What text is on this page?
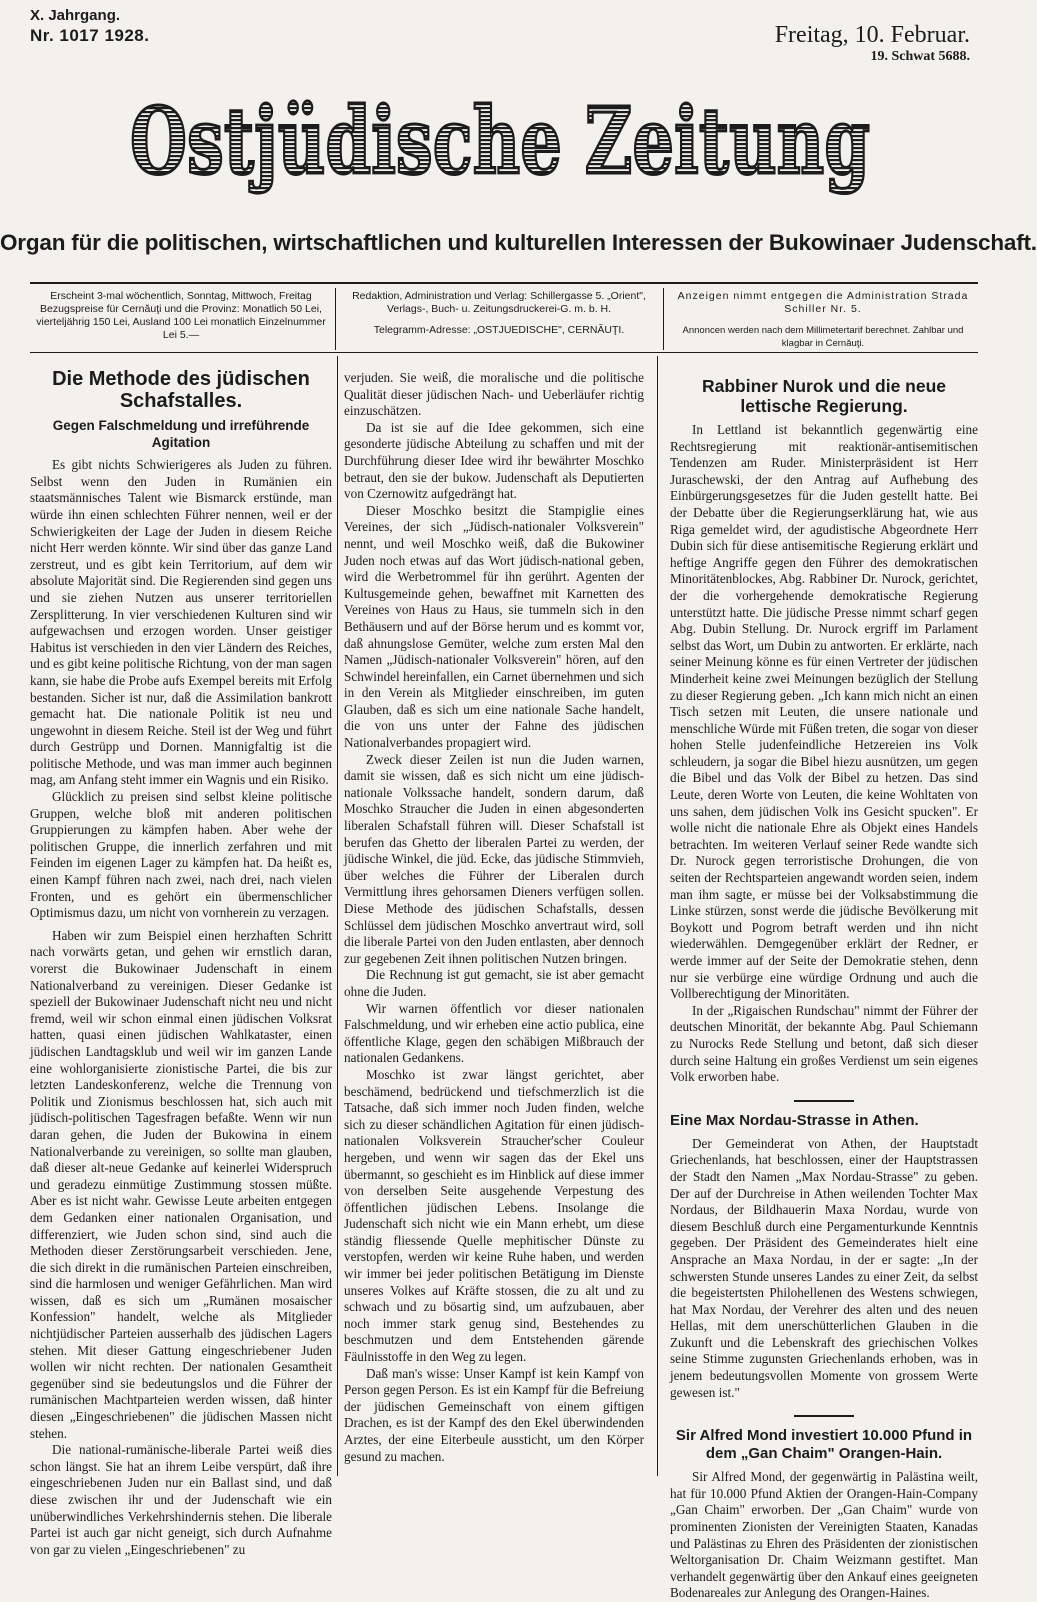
X. Jahrgang.
Nr. 1017 1928.	Freitag, 10. Februar.
19. Schwat 5688.
Ostjüdische Zeitung
Organ für die politischen, wirtschaftlichen und kulturellen Interessen der Bukowinaer Judenschaft.
Erscheint 3-mal wöchentlich, Sonntag, Mittwoch, Freitag Bezugspreise für Cernăuţi und die Provinz: Monatlich 50 Lei, vierteljährig 150 Lei, Ausland 100 Lei monatlich Einzelnummer Lei 5.—
Redaktion, Administration und Verlag: Schillergasse 5. „Orient", Verlags-, Buch- u. Zeitungsdruckerei-G. m. b. H.
Telegramm-Adresse: „OSTJUEDISCHE", CERNĂUŢI.
Anzeigen nimmt entgegen die Administration Strada Schiller Nr. 5.
Annoncen werden nach dem Millimetertarif berechnet. Zahlbar und klagbar in Cernăuţi.
Die Methode des jüdischen Schafstalles.
Gegen Falschmeldung und irreführende Agitation

Es gibt nichts Schwierigeres als Juden zu führen. Selbst wenn den Juden in Rumänien ein staatsmännisches Talent wie Bismarck erstünde, man würde ihn einen schlechten Führer nennen, weil er der Schwierigkeiten der Lage der Juden in diesem Reiche nicht Herr werden könnte. Wir sind über das ganze Land zerstreut, und es gibt kein Territorium, auf dem wir absolute Majorität sind. Die Regierenden sind gegen uns und sie ziehen Nutzen aus unserer territoriellen Zersplitterung. In vier verschiedenen Kulturen sind wir aufgewachsen und erzogen worden. Unser geistiger Habitus ist verschieden in den vier Ländern des Reiches, und es gibt keine politische Richtung, von der man sagen kann, sie habe die Probe aufs Exempel bereits mit Erfolg bestanden. Sicher ist nur, daß die Assimilation bankrott gemacht hat. Die nationale Politik ist neu und ungewohnt in diesem Reiche. Steil ist der Weg und führt durch Gestrüpp und Dornen. Mannigfaltig ist die politische Methode, und was man immer auch beginnen mag, am Anfang steht immer ein Wagnis und ein Risiko.

Glücklich zu preisen sind selbst kleine politische Gruppen, welche bloß mit anderen politischen Gruppierungen zu kämpfen haben. Aber wehe der politischen Gruppe, die innerlich zerfahren und mit Feinden im eigenen Lager zu kämpfen hat. Da heißt es, einen Kampf führen nach zwei, nach drei, nach vielen Fronten, und es gehört ein übermenschlicher Optimismus dazu, um nicht von vornherein zu verzagen.

Haben wir zum Beispiel einen herzhaften Schritt nach vorwärts getan, und gehen wir ernstlich daran, vorerst die Bukowinaer Judenschaft in einem Nationalverband zu vereinigen. Dieser Gedanke ist speziell der Bukowinaer Judenschaft nicht neu und nicht fremd, weil wir schon einmal einen jüdischen Volksrat hatten, quasi einen jüdischen Wahlkataster, einen jüdischen Landtagsklub und weil wir im ganzen Lande eine wohlorganisierte zionistische Partei, die bis zur letzten Landeskonferenz, welche die Trennung von Politik und Zionismus beschlossen hat, sich auch mit jüdisch-politischen Tagesfragen befaßte. Wenn wir nun daran gehen, die Juden der Bukowina in einem Nationalverbande zu vereinigen, so sollte man glauben, daß dieser alt-neue Gedanke auf keinerlei Widerspruch und geradezu einmütige Zustimmung stossen müßte. Aber es ist nicht wahr. Gewisse Leute arbeiten entgegen dem Gedanken einer nationalen Organisation, und differenziert, wie Juden schon sind, sind auch die Methoden dieser Zerstörungsarbeit verschieden. Jene, die sich direkt in die rumänischen Parteien einschreiben, sind die harmlosen und weniger Gefährlichen. Man wird wissen, daß es sich um „Rumänen mosaischer Konfession" handelt, welche als Mitglieder nichtjüdischer Parteien ausserhalb des jüdischen Lagers stehen. Mit dieser Gattung eingeschriebener Juden wollen wir nicht rechten. Der nationalen Gesamtheit gegenüber sind sie bedeutungslos und die Führer der rumänischen Machtparteien werden wissen, daß hinter diesen „Eingeschriebenen" die jüdischen Massen nicht stehen.

Die national-rumänische-liberale Partei weiß dies schon längst. Sie hat an ihrem Leibe verspürt, daß ihre eingeschriebenen Juden nur ein Ballast sind, und daß diese zwischen ihr und der Judenschaft wie ein unüberwindliches Verkehrshindernis stehen. Die liberale Partei ist auch gar nicht geneigt, sich durch Aufnahme von gar zu vielen „Eingeschriebenen" zu

verjuden. Sie weiß, die moralische und die politische Qualität dieser jüdischen Nach- und Ueberläufer richtig einzuschätzen.

Da ist sie auf die Idee gekommen, sich eine gesonderte jüdische Abteilung zu schaffen und mit der Durchführung dieser Idee wird ihr bewährter Moschko betraut, den sie der bukow. Judenschaft als Deputierten von Czernowitz aufgedrängt hat.

Dieser Moschko besitzt die Stampiglie eines Vereines, der sich „Jüdisch-nationaler Volksverein" nennt, und weil Moschko weiß, daß die Bukowiner Juden noch etwas auf das Wort jüdisch-national geben, wird die Werbetrommel für ihn gerührt. Agenten der Kultusgemeinde gehen, bewaffnet mit Karnetten des Vereines von Haus zu Haus, sie tummeln sich in den Bethäusern und auf der Börse herum und es kommt vor, daß ahnungslose Gemüter, welche zum ersten Mal den Namen „Jüdisch-nationaler Volksverein" hören, auf den Schwindel hereinfallen, ein Carnet übernehmen und sich in den Verein als Mitglieder einschreiben, im guten Glauben, daß es sich um eine nationale Sache handelt, die von uns unter der Fahne des jüdischen Nationalverbandes propagiert wird.

Zweck dieser Zeilen ist nun die Juden warnen, damit sie wissen, daß es sich nicht um eine jüdisch-nationale Volkssache handelt, sondern darum, daß Moschko Straucher die Juden in einen abgesonderten liberalen Schafstall führen will. Dieser Schafstall ist berufen das Ghetto der liberalen Partei zu werden, der jüdische Winkel, die jüd. Ecke, das jüdische Stimmvieh, über welches die Führer der Liberalen durch Vermittlung ihres gehorsamen Dieners verfügen sollen. Diese Methode des jüdischen Schafstalls, dessen Schlüssel dem jüdischen Moschko anvertraut wird, soll die liberale Partei von den Juden entlasten, aber dennoch zur gegebenen Zeit ihnen politischen Nutzen bringen.

Die Rechnung ist gut gemacht, sie ist aber gemacht ohne die Juden.

Wir warnen öffentlich vor dieser nationalen Falschmeldung, und wir erheben eine actio publica, eine öffentliche Klage, gegen den schäbigen Mißbrauch der nationalen Gedankens.

Moschko ist zwar längst gerichtet, aber beschämend, bedrückend und tiefschmerzlich ist die Tatsache, daß sich immer noch Juden finden, welche sich zu dieser schändlichen Agitation für einen jüdisch-nationalen Volksverein Straucher'scher Couleur hergeben, und wenn wir sagen das der Ekel uns übermannt, so geschieht es im Hinblick auf diese immer von derselben Seite ausgehende Verpestung des öffentlichen jüdischen Lebens. Insolange die Judenschaft sich nicht wie ein Mann erhebt, um diese ständig fliessende Quelle mephitischer Dünste zu verstopfen, werden wir keine Ruhe haben, und werden wir immer bei jeder politischen Betätigung im Dienste unseres Volkes auf Kräfte stossen, die zu alt und zu schwach und zu bösartig sind, um aufzubauen, aber noch immer stark genug sind, Bestehendes zu beschmutzen und dem Entstehenden gärende Fäulnisstoffe in den Weg zu legen.

Daß man's wisse: Unser Kampf ist kein Kampf von Person gegen Person. Es ist ein Kampf für die Befreiung der jüdischen Gemeinschaft von einem giftigen Drachen, es ist der Kampf des den Ekel überwindenden Arztes, der eine Eiterbeule aussticht, um den Körper gesund zu machen.

Rabbiner Nurok und die neue lettische Regierung.

In Lettland ist bekanntlich gegenwärtig eine Rechtsregierung mit reaktionär-antisemitischen Tendenzen am Ruder. Ministerpräsident ist Herr Juraschewski, der den Antrag auf Aufhebung des Einbürgerungsgesetzes für die Juden gestellt hatte. Bei der Debatte über die Regierungserklärung hat, wie aus Riga gemeldet wird, der agudistische Abgeordnete Herr Dubin sich für diese antisemitische Regierung erklärt und heftige Angriffe gegen den Führer des demokratischen Minoritätenblockes, Abg. Rabbiner Dr. Nurock, gerichtet, der die vorhergehende demokratische Regierung unterstützt hatte. Die jüdische Presse nimmt scharf gegen Abg. Dubin Stellung. Dr. Nurock ergriff im Parlament selbst das Wort, um Dubin zu antworten. Er erklärte, nach seiner Meinung könne es für einen Vertreter der jüdischen Minderheit keine zwei Meinungen bezüglich der Stellung zu dieser Regierung geben. „Ich kann mich nicht an einen Tisch setzen mit Leuten, die unsere nationale und menschliche Würde mit Füßen treten, die sogar von dieser hohen Stelle judenfeindliche Hetzereien ins Volk schleudern, ja sogar die Bibel hiezu ausnützen, um gegen die Bibel und das Volk der Bibel zu hetzen. Das sind Leute, deren Worte von Leuten, die keine Wohltaten von uns sahen, dem jüdischen Volk ins Gesicht spucken". Er wolle nicht die nationale Ehre als Objekt eines Handels betrachten. Im weiteren Verlauf seiner Rede wandte sich Dr. Nurock gegen terroristische Drohungen, die von seiten der Rechtsparteien angewandt worden seien, indem man ihm sagte, er müsse bei der Volksabstimmung die Linke stürzen, sonst werde die jüdische Bevölkerung mit Boykott und Pogrom betraft werden und ihn nicht wiederwählen. Demgegenüber erklärt der Redner, er werde immer auf der Seite der Demokratie stehen, denn nur sie verbürge eine würdige Ordnung und auch die Vollberechtigung der Minoritäten.

In der „Rigaischen Rundschau" nimmt der Führer der deutschen Minorität, der bekannte Abg. Paul Schiemann zu Nurocks Rede Stellung und betont, daß sich dieser durch seine Haltung ein großes Verdienst um sein eigenes Volk erworben habe.

Eine Max Nordau-Strasse in Athen.

Der Gemeinderat von Athen, der Hauptstadt Griechenlands, hat beschlossen, einer der Hauptstrassen der Stadt den Namen „Max Nordau-Strasse" zu geben. Der auf der Durchreise in Athen weilenden Tochter Max Nordaus, der Bildhauerin Maxa Nordau, wurde von diesem Beschluß durch eine Pergamenturkunde Kenntnis gegeben. Der Präsident des Gemeinderates hielt eine Ansprache an Maxa Nordau, in der er sagte: „In der schwersten Stunde unseres Landes zu einer Zeit, da selbst die begeistertsten Philohellenen des Westens schwiegen, hat Max Nordau, der Verehrer des alten und des neuen Hellas, mit dem unerschütterlichen Glauben in die Zukunft und die Lebenskraft des griechischen Volkes seine Stimme zugunsten Griechenlands erhoben, was in jenem bedeutungsvollen Momente von grossem Werte gewesen ist."

Sir Alfred Mond investiert 10.000 Pfund in dem „Gan Chaim" Orangen-Hain.

Sir Alfred Mond, der gegenwärtig in Palästina weilt, hat für 10.000 Pfund Aktien der Orangen-Hain-Company „Gan Chaim" erworben. Der „Gan Chaim" wurde von prominenten Zionisten der Vereinigten Staaten, Kanadas und Palästinas zu Ehren des Präsidenten der zionistischen Weltorganisation Dr. Chaim Weizmann gestiftet. Man verhandelt gegenwärtig über den Ankauf eines geeigneten Bodenareales zur Anlegung des Orangen-Haines.
